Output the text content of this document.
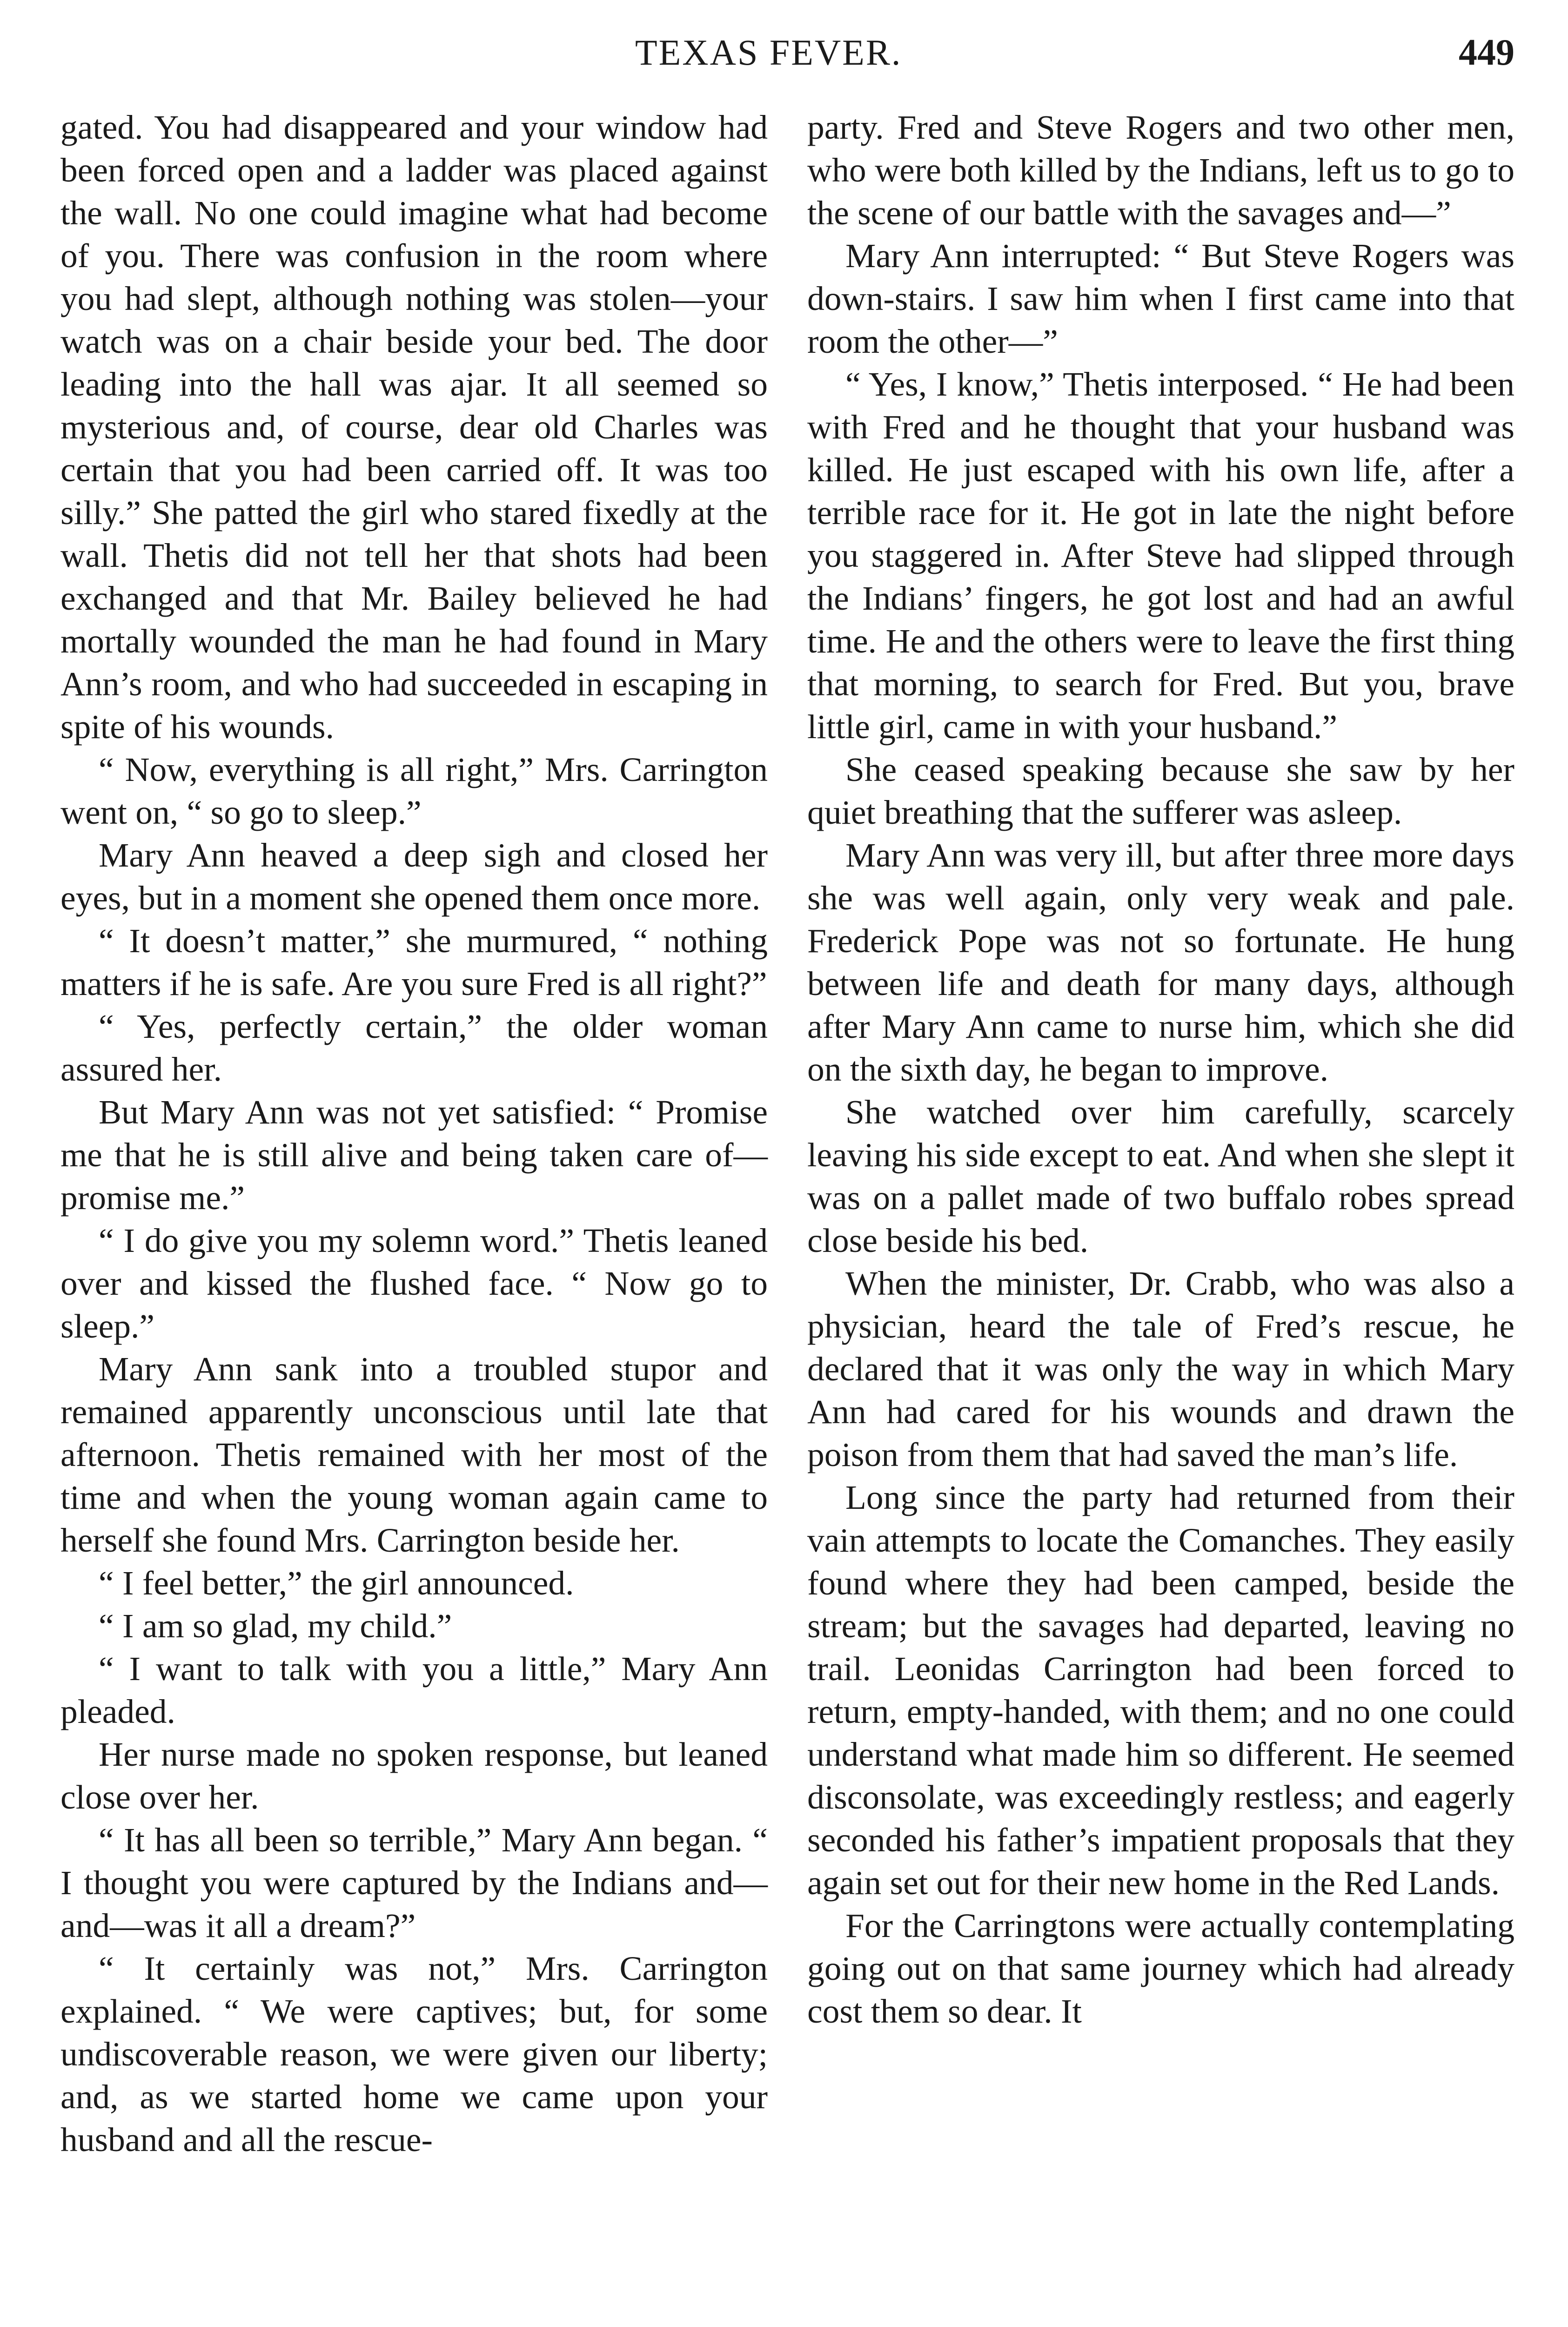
TEXAS FEVER.	449

gated. You had disappeared and your window had been forced open and a ladder was placed against the wall. No one could imagine what had become of you. There was confusion in the room where you had slept, although nothing was stolen—your watch was on a chair beside your bed. The door leading into the hall was ajar. It all seemed so mysterious and, of course, dear old Charles was certain that you had been carried off. It was too silly.” She patted the girl who stared fixedly at the wall. Thetis did not tell her that shots had been exchanged and that Mr. Bailey believed he had mortally wounded the man he had found in Mary Ann’s room, and who had succeeded in escaping in spite of his wounds.

“ Now, everything is all right,” Mrs. Carrington went on, “ so go to sleep.”

Mary Ann heaved a deep sigh and closed her eyes, but in a moment she opened them once more.

“ It doesn’t matter,” she murmured, “ nothing matters if he is safe. Are you sure Fred is all right?”

“ Yes, perfectly certain,” the older woman assured her.

But Mary Ann was not yet satisfied: “ Promise me that he is still alive and being taken care of—promise me.”

“ I do give you my solemn word.” Thetis leaned over and kissed the flushed face. “ Now go to sleep.”

Mary Ann sank into a troubled stupor and remained apparently unconscious until late that afternoon. Thetis remained with her most of the time and when the young woman again came to herself she found Mrs. Carrington beside her.

“ I feel better,” the girl announced.

“ I am so glad, my child.”

“ I want to talk with you a little,” Mary Ann pleaded.

Her nurse made no spoken response, but leaned close over her.

“ It has all been so terrible,” Mary Ann began. “ I thought you were captured by the Indians and—and—was it all a dream?”

“ It certainly was not,” Mrs. Carrington explained. “ We were captives; but, for some undiscoverable reason, we were given our liberty; and, as we started home we came upon your husband and all the rescue-

party. Fred and Steve Rogers and two other men, who were both killed by the Indians, left us to go to the scene of our battle with the savages and—”

Mary Ann interrupted: “ But Steve Rogers was down-stairs. I saw him when I first came into that room the other—”

“ Yes, I know,” Thetis interposed. “ He had been with Fred and he thought that your husband was killed. He just escaped with his own life, after a terrible race for it. He got in late the night before you staggered in. After Steve had slipped through the Indians’ fingers, he got lost and had an awful time. He and the others were to leave the first thing that morning, to search for Fred. But you, brave little girl, came in with your husband.”

She ceased speaking because she saw by her quiet breathing that the sufferer was asleep.

Mary Ann was very ill, but after three more days she was well again, only very weak and pale. Frederick Pope was not so fortunate. He hung between life and death for many days, although after Mary Ann came to nurse him, which she did on the sixth day, he began to improve.

She watched over him carefully, scarcely leaving his side except to eat. And when she slept it was on a pallet made of two buffalo robes spread close beside his bed.

When the minister, Dr. Crabb, who was also a physician, heard the tale of Fred’s rescue, he declared that it was only the way in which Mary Ann had cared for his wounds and drawn the poison from them that had saved the man’s life.

Long since the party had returned from their vain attempts to locate the Comanches. They easily found where they had been camped, beside the stream; but the savages had departed, leaving no trail. Leonidas Carrington had been forced to return, empty-handed, with them; and no one could understand what made him so different. He seemed disconsolate, was exceedingly restless; and eagerly seconded his father’s impatient proposals that they again set out for their new home in the Red Lands.

For the Carringtons were actually contemplating going out on that same journey which had already cost them so dear. It
